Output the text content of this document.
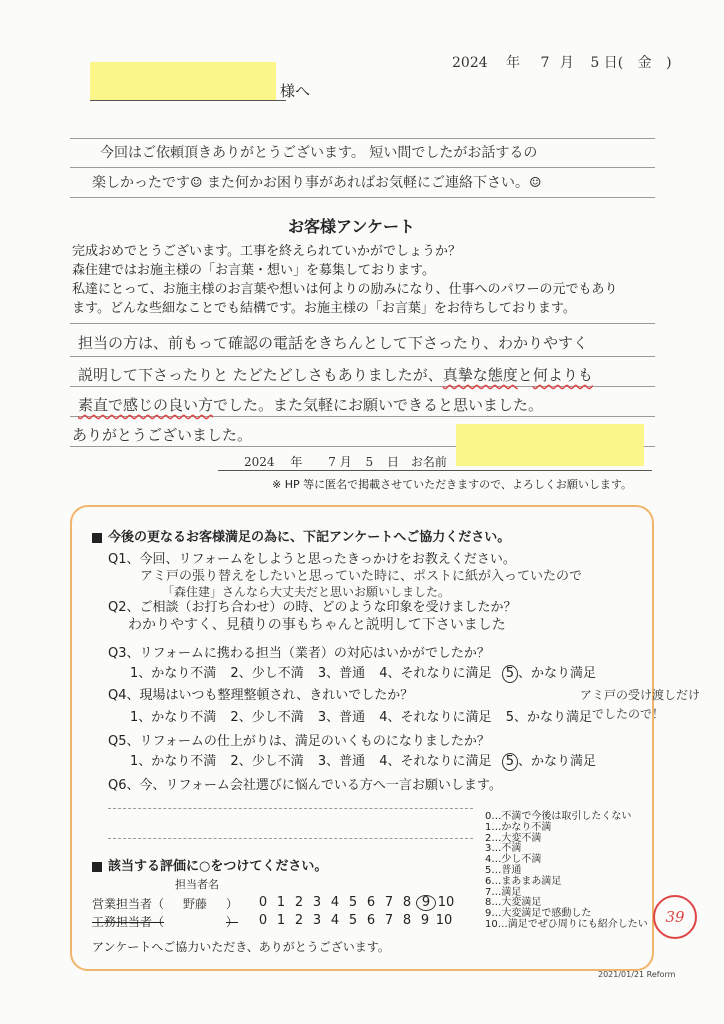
2024 年 7 月 5 日( 金 )
様へ
今回はご依頼頂きありがとうございます。 短い間でしたがお話するの
楽しかったです☺ また何かお困り事があればお気軽にご連絡下さい。☺
お客様アンケート
完成おめでとうございます。工事を終えられていかがでしょうか？
森住建ではお施主様の「お言葉・想い」を募集しております。
私達にとって、お施主様のお言葉や想いは何よりの励みになり、仕事へのパワーの元でもあり
ます。どんな些細なことでも結構です。お施主様の「お言葉」をお待ちしております。
担当の方は、前もって確認の電話をきちんとして下さったり、わかりやすく
説明して下さったりと たどたどしさもありましたが、真摯な態度と何よりも
素直で感じの良い方でした。また気軽にお願いできると思いました。
ありがとうございました。
2024 年 7 月 5 日 お名前
※ HP 等に匿名で掲載させていただきますので、よろしくお願いします。
今後の更なるお客様満足の為に、下記アンケートへご協力ください。
Q1、今回、リフォームをしようと思ったきっかけをお教えください。
アミ戸の張り替えをしたいと思っていた時に、ポストに紙が入っていたので
「森住建」さんなら大丈夫だと思いお願いしました。
Q2、ご相談（お打ち合わせ）の時、どのような印象を受けましたか？
わかりやすく、見積りの事もちゃんと説明して下さいました
Q3、リフォームに携わる担当（業者）の対応はいかがでしたか？
1、かなり不満 2、少し不満 3、普通 4、それなりに満足 5 、かなり満足
Q4、現場はいつも整理整頓され、きれいでしたか？
1、かなり不満 2、少し不満 3、普通 4、それなりに満足 5、かなり満足
アミ戸の受け渡しだけ
でしたので！
Q5、リフォームの仕上がりは、満足のいくものになりましたか？
1、かなり不満 2、少し不満 3、普通 4、それなりに満足 5 、かなり満足
Q6、今、リフォーム会社選びに悩んでいる方へ一言お願いします。
該当する評価に○をつけてください。
担当者名
営業担当者（ 野藤 ）	0 1 2 3 4 5 6 7 8 9 10
工務担当者（	）	0 1 2 3 4 5 6 7 8 9 10
アンケートへご協力いただき、ありがとうございます。
0…不満で今後は取引したくない
1…かなり不満
2…大変不満
3…不満
4…少し不満
5…普通
6…まあまあ満足
7…満足
8…大変満足
9…大変満足で感動した
10…満足でぜひ周りにも紹介したい	39
2021/01/21 Reform
